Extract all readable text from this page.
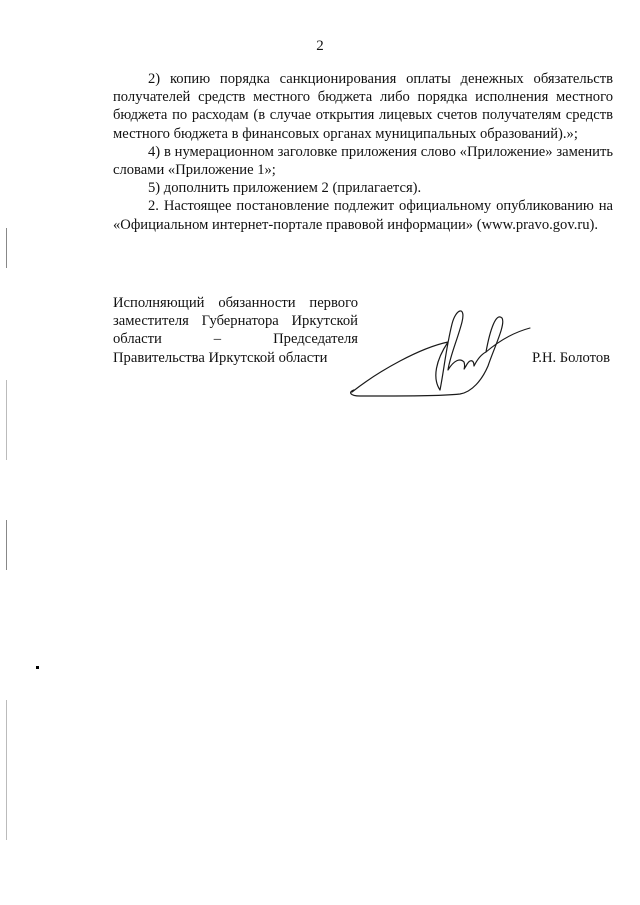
2

2) копию порядка санкционирования оплаты денежных обязательств получателей средств местного бюджета либо порядка исполнения местного бюджета по расходам (в случае открытия лицевых счетов получателям средств местного бюджета в финансовых органах муниципальных образований).»;

4) в нумерационном заголовке приложения слово «Приложение» заменить словами «Приложение 1»;

5) дополнить приложением 2 (прилагается).

2. Настоящее постановление подлежит официальному опубликованию на «Официальном интернет-портале правовой информации» (www.pravo.gov.ru).

Исполняющий обязанности первого
заместителя Губернатора Иркутской
области – Председателя
Правительства Иркутской области	Р.Н. Болотов
